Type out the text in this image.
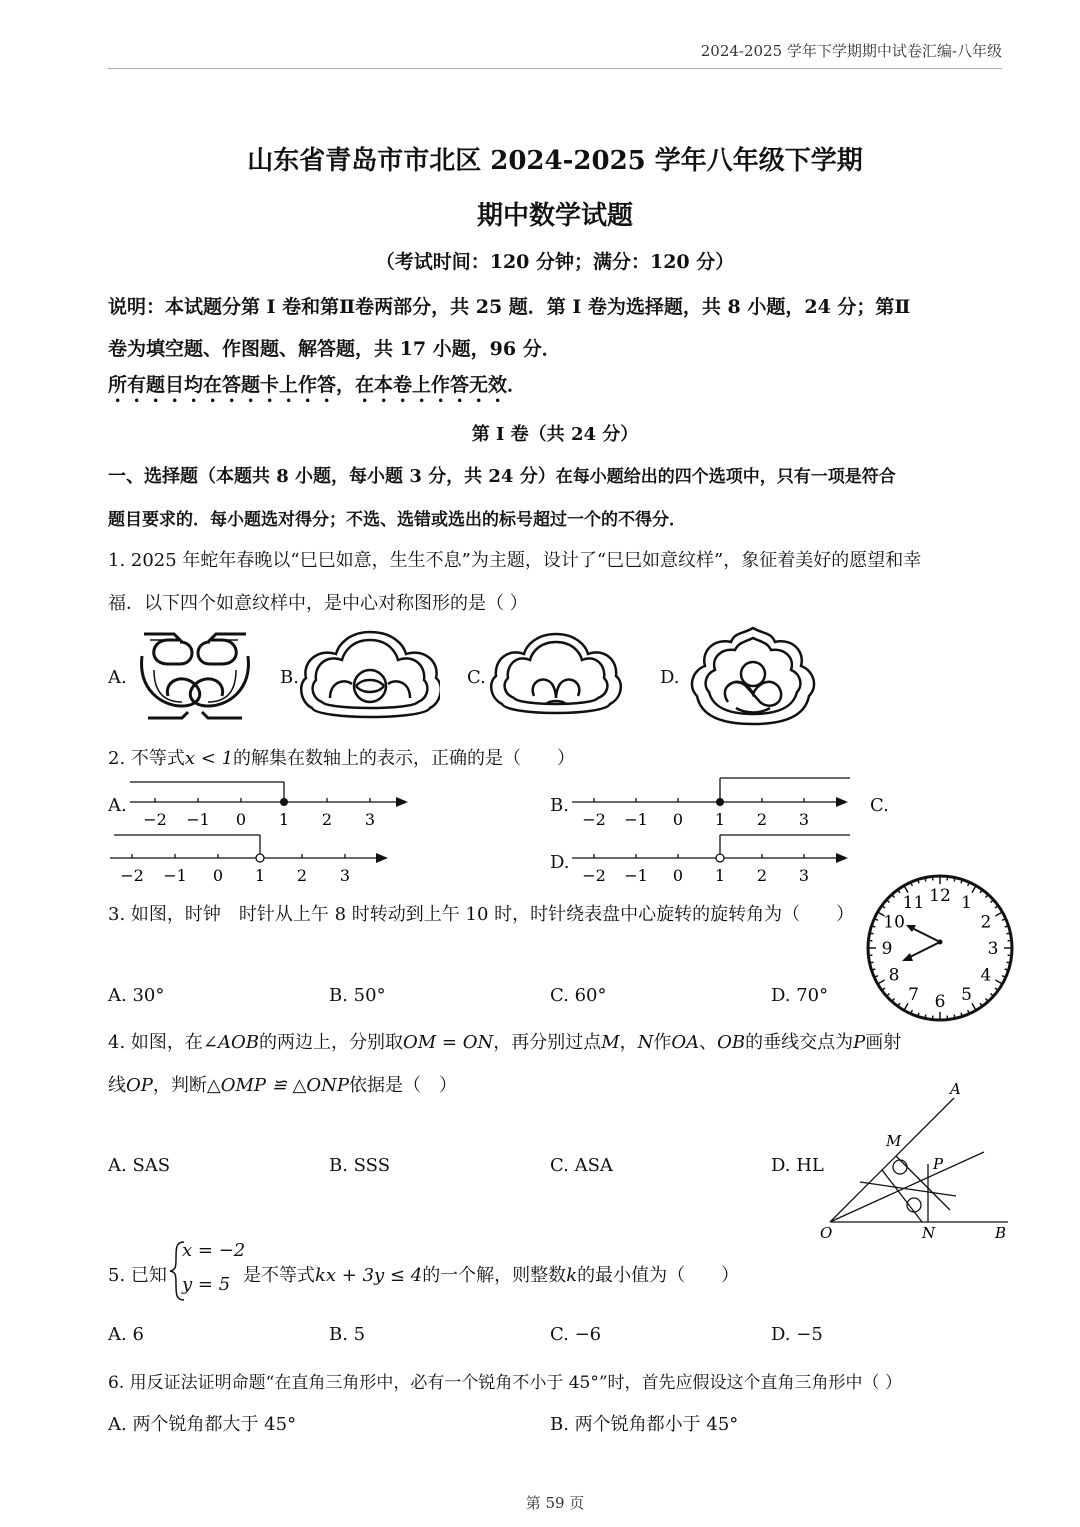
2024-2025 学年下学期期中试卷汇编-八年级
山东省青岛市市北区 2024-2025 学年八年级下学期
期中数学试题
（考试时间：120 分钟；满分：120 分）
说明：本试题分第 I 卷和第Ⅱ卷两部分，共 25 题．第 I 卷为选择题，共 8 小题，24 分；第Ⅱ
卷为填空题、作图题、解答题，共 17 小题，96 分．
所有题目均在答题卡上作答，在本卷上作答无效．
第 I 卷（共 24 分）
一、选择题（本题共 8 小题，每小题 3 分，共 24 分）在每小题给出的四个选项中，只有一项是符合
题目要求的．每小题选对得分；不选、选错或选出的标号超过一个的不得分．
1. 2025 年蛇年春晚以“巳巳如意，生生不息”为主题，设计了“巳巳如意纹样”，象征着美好的愿望和幸
福．以下四个如意纹样中，是中心对称图形的是（ ）
A.	B.	C.	D.
2. 不等式x < 1的解集在数轴上的表示，正确的是（　　）
A.	B.	C.
D.
−2 −1 0 1 2 3	−2 −1 0 1 2 3
−2 −1 0 1 2 3	−2 −1 0 1 2 3
3. 如图，时钟　时针从上午 8 时转动到上午 10 时，时针绕表盘中心旋转的旋转角为（　　）
12 1
2
3
4
5
6
7
8
9
10
11
A. 30°	B. 50°	C. 60°	D. 70°
4. 如图，在∠AOB的两边上，分别取OM = ON，再分别过点M，N作OA、OB的垂线交点为P画射
线OP，判断△OMP ≌ △ONP依据是（　）
A. SAS	B. SSS	C. ASA	D. HL
A
M
P
O	N	B
5. 已知
x = −2
y = 5 是不等式kx + 3y ≤ 4的一个解，则整数k的最小值为（　　）
A. 6	B. 5	C. −6	D. −5
6. 用反证法证明命题“在直角三角形中，必有一个锐角不小于 45°”时，首先应假设这个直角三角形中（ ）
A. 两个锐角都大于 45°	B. 两个锐角都小于 45°
第 59 页
